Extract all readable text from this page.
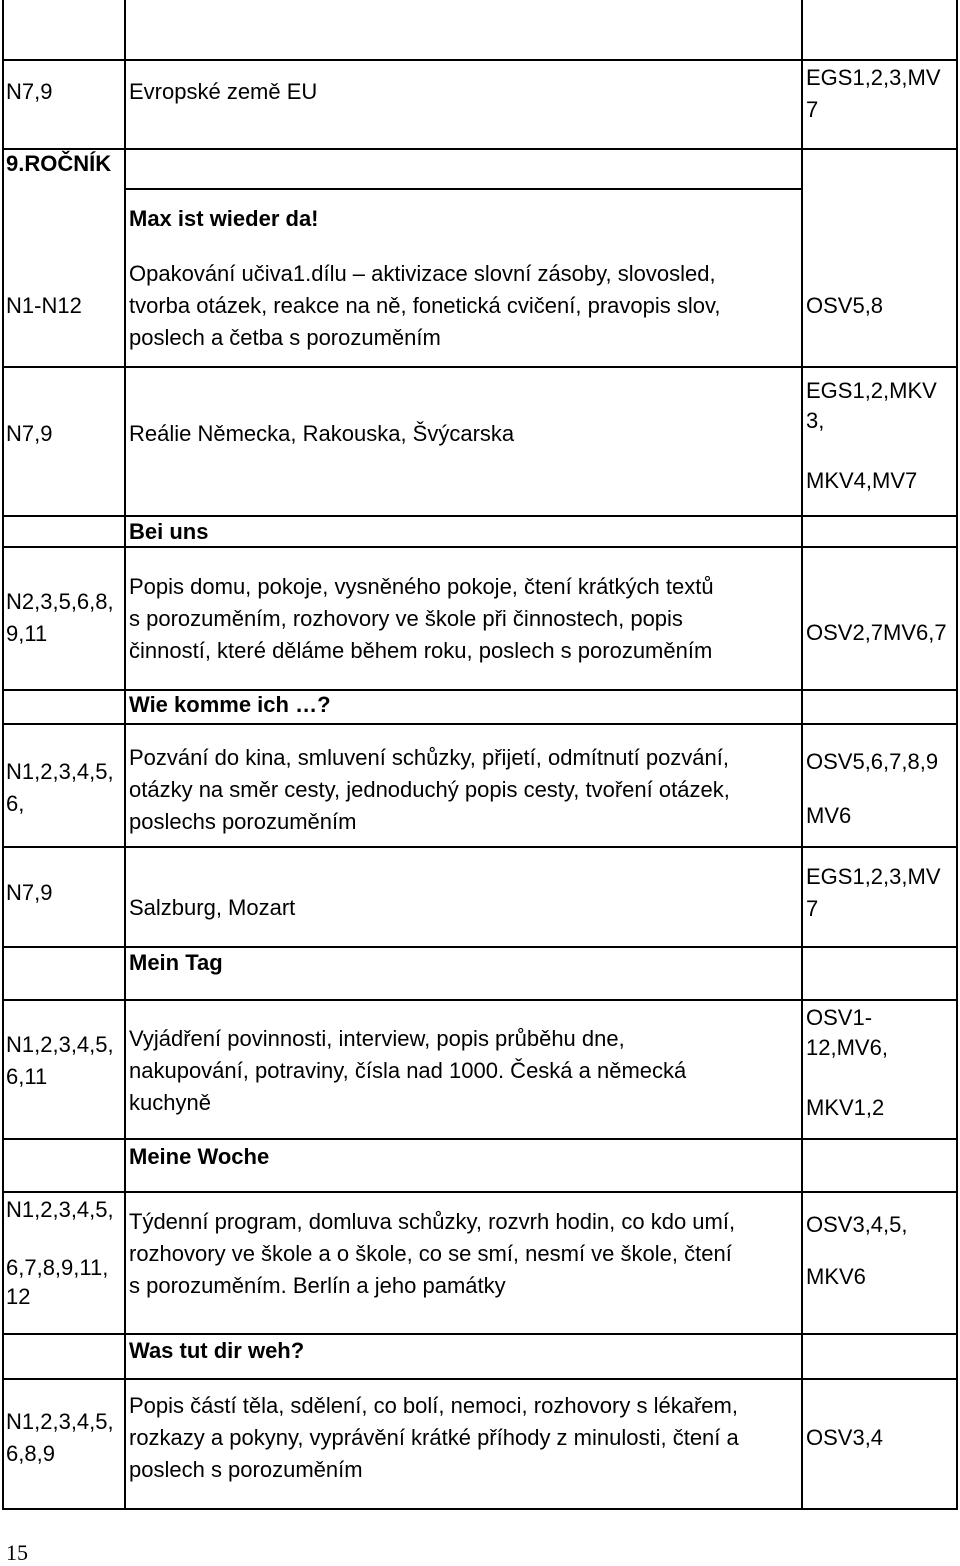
N7,9	Evropské země EU
EGS1,2,3,MV
7
9.ROČNÍK
Max ist wieder da!
N1-N12
Opakování učiva1.dílu – aktivizace slovní zásoby, slovosled,
tvorba otázek, reakce na ně, fonetická cvičení, pravopis slov,
poslech a četba s porozuměním
OSV5,8
N7,9	Reálie Německa, Rakouska, Švýcarska
EGS1,2,MKV
3,

MKV4,MV7
Bei uns
N2,3,5,6,8,
9,11
Popis domu, pokoje, vysněného pokoje, čtení krátkých textů
s porozuměním, rozhovory ve škole při činnostech, popis
činností, které děláme během roku, poslech s porozuměním
OSV2,7MV6,7
Wie komme ich …?
N1,2,3,4,5,
6,
Pozvání do kina, smluvení schůzky, přijetí, odmítnutí pozvání,
otázky na směr cesty, jednoduchý popis cesty, tvoření otázek,
poslechs porozuměním
OSV5,6,7,8,9

MV6
N7,9
Salzburg, Mozart
EGS1,2,3,MV
7
Mein Tag
N1,2,3,4,5,
6,11
Vyjádření povinnosti, interview, popis průběhu dne,
nakupování, potraviny, čísla nad 1000. Česká a německá
kuchyně
OSV1-
12,MV6,

MKV1,2
Meine Woche
N1,2,3,4,5,

6,7,8,9,11,
12
Týdenní program, domluva schůzky, rozvrh hodin, co kdo umí,
rozhovory ve škole a o škole, co se smí, nesmí ve škole, čtení
s porozuměním. Berlín a jeho památky
OSV3,4,5,

MKV6
Was tut dir weh?
N1,2,3,4,5,
6,8,9
Popis částí těla, sdělení, co bolí, nemoci, rozhovory s lékařem,
rozkazy a pokyny, vyprávění krátké příhody z minulosti, čtení a
poslech s porozuměním
OSV3,4
15
